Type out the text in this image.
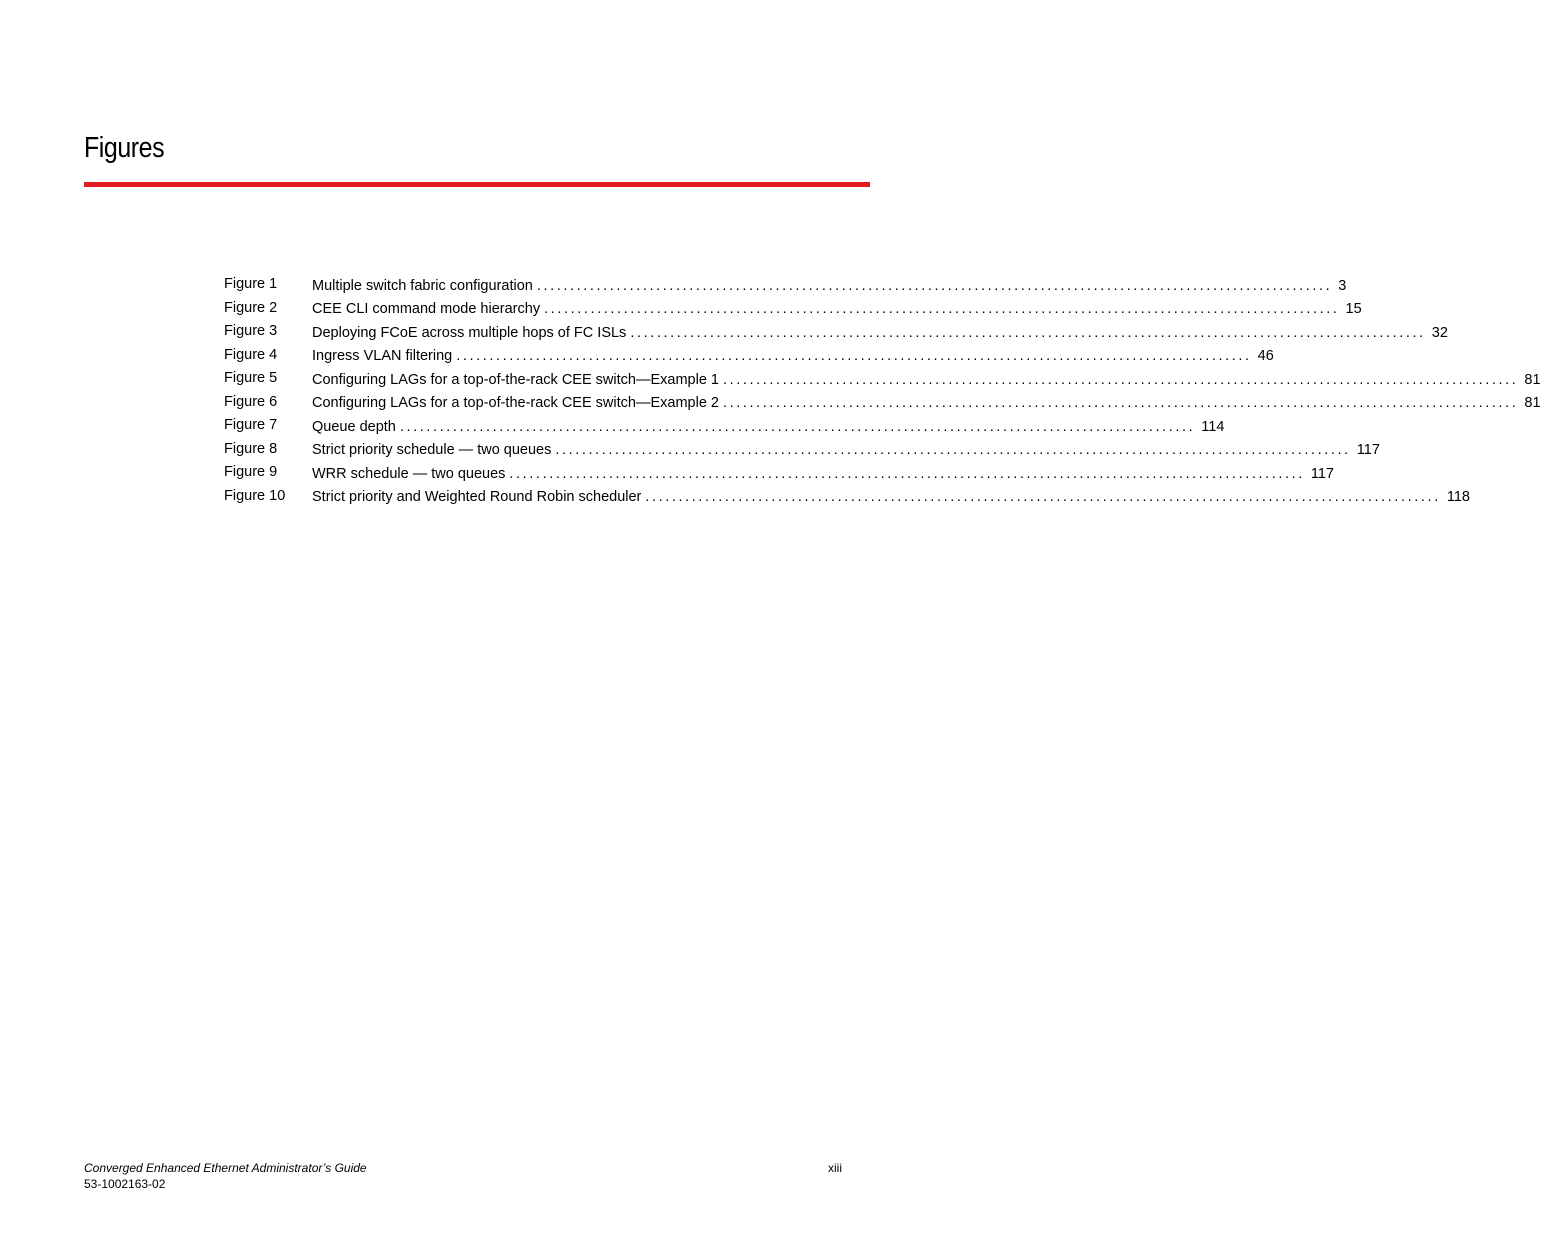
Figures
Figure 1 Multiple switch fabric configuration ........................................................................................................................ 3
Figure 2 CEE CLI command mode hierarchy ........................................................................................................................ 15
Figure 3 Deploying FCoE across multiple hops of FC ISLs ........................................................................................................................ 32
Figure 4 Ingress VLAN filtering ........................................................................................................................ 46
Figure 5 Configuring LAGs for a top-of-the-rack CEE switch—Example 1 ........................................................................................................................ 81
Figure 6 Configuring LAGs for a top-of-the-rack CEE switch—Example 2 ........................................................................................................................ 81
Figure 7 Queue depth ........................................................................................................................ 114
Figure 8 Strict priority schedule — two queues ........................................................................................................................ 117
Figure 9 WRR schedule — two queues ........................................................................................................................ 117
Figure 10 Strict priority and Weighted Round Robin scheduler ........................................................................................................................ 118
Converged Enhanced Ethernet Administrator’s Guide
53-1002163-02
xiii
